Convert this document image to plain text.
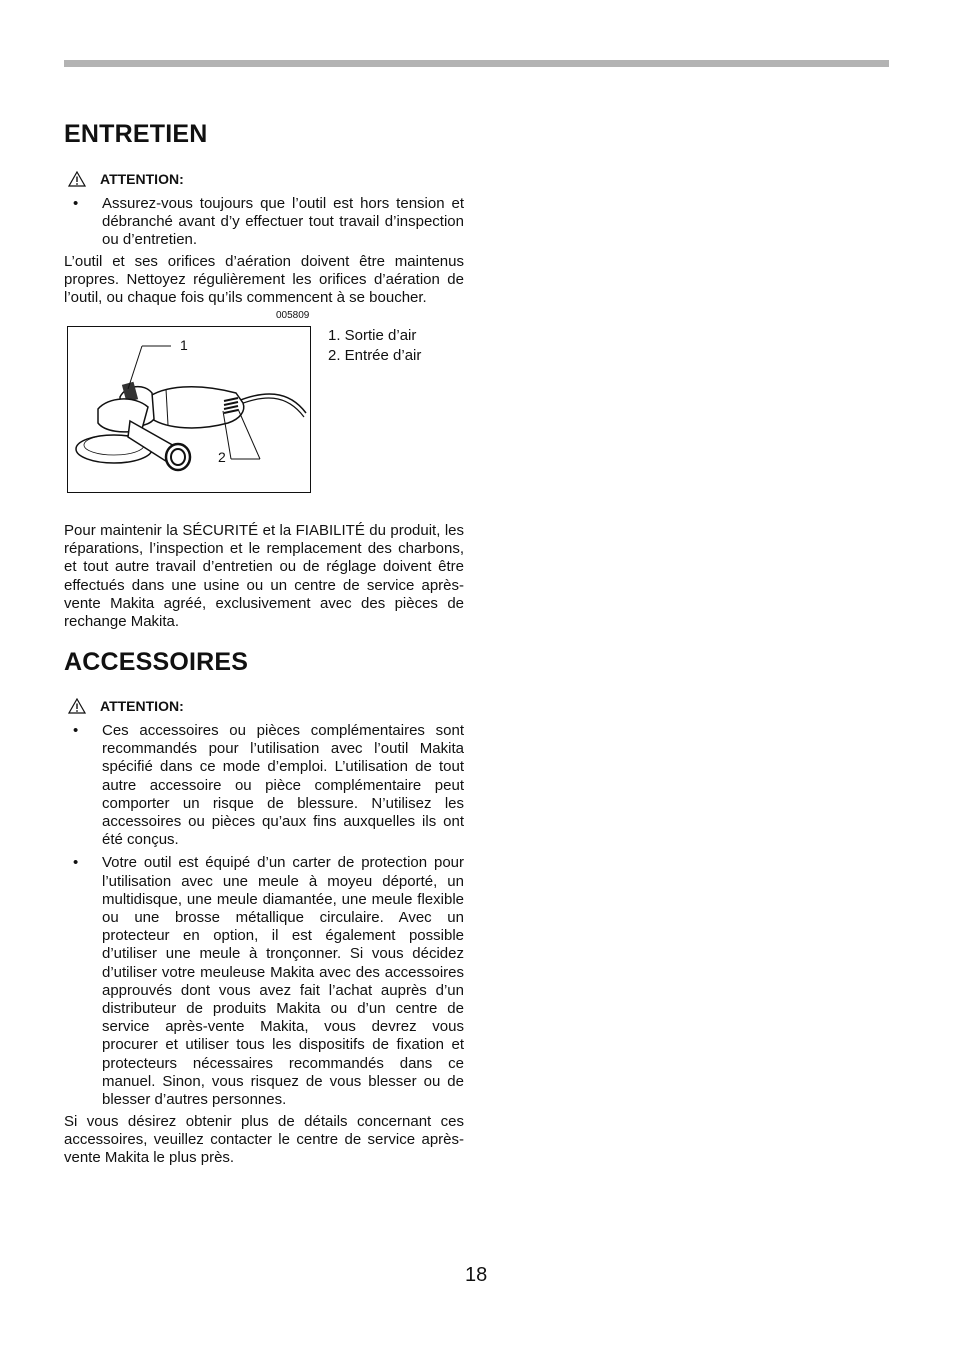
ENTRETIEN
ATTENTION:
•	Assurez-vous toujours que l’outil est hors tension et débranché avant d’y effectuer tout travail d’inspection ou d’entretien.

L’outil et ses orifices d’aération doivent être maintenus propres. Nettoyez régulièrement les orifices d’aération de l’outil, ou chaque fois qu’ils commencent à se boucher.

005809
1
2
1. Sortie d’air
2. Entrée d’air

Pour maintenir la SÉCURITÉ et la FIABILITÉ du produit, les réparations, l’inspection et le remplacement des charbons, et tout autre travail d’entretien ou de réglage doivent être effectués dans une usine ou un centre de service après-vente Makita agréé, exclusivement avec des pièces de rechange Makita.

ACCESSOIRES
ATTENTION:
•	Ces accessoires ou pièces complémentaires sont recommandés pour l’utilisation avec l’outil Makita spécifié dans ce mode d’emploi. L’utilisation de tout autre accessoire ou pièce complémentaire peut comporter un risque de blessure. N’utilisez les accessoires ou pièces qu’aux fins auxquelles ils ont été conçus.
•	Votre outil est équipé d’un carter de protection pour l’utilisation avec une meule à moyeu déporté, un multidisque, une meule diamantée, une meule flexible ou une brosse métallique circulaire. Avec un protecteur en option, il est également possible d’utiliser une meule à tronçonner. Si vous décidez d’utiliser votre meuleuse Makita avec des accessoires approuvés dont vous avez fait l’achat auprès d’un distributeur de produits Makita ou d’un centre de service après-vente Makita, vous devrez vous procurer et utiliser tous les dispositifs de fixation et protecteurs nécessaires recommandés dans ce manuel. Sinon, vous risquez de vous blesser ou de blesser d’autres personnes.

Si vous désirez obtenir plus de détails concernant ces accessoires, veuillez contacter le centre de service après-vente Makita le plus près.

18
